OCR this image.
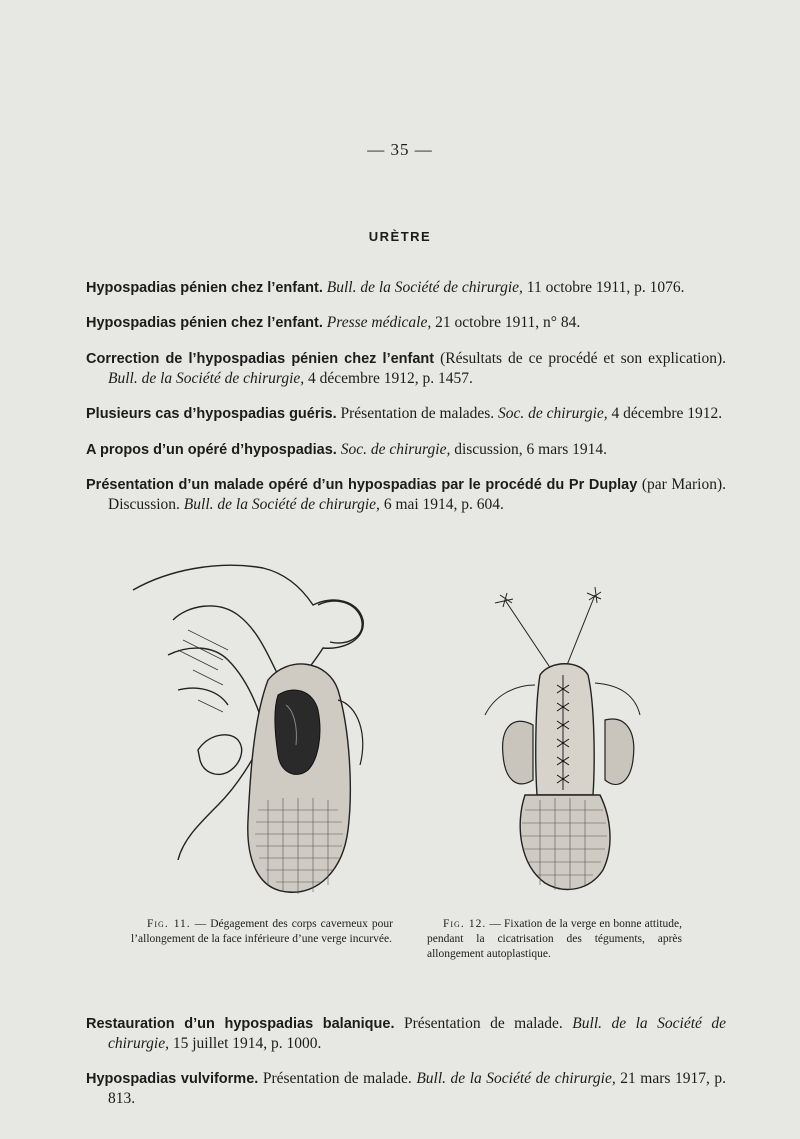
— 35 —
URÈTRE

Hypospadias pénien chez l’enfant. Bull. de la Société de chirurgie, 11 octobre 1911, p. 1076.

Hypospadias pénien chez l’enfant. Presse médicale, 21 octobre 1911, n° 84.

Correction de l’hypospadias pénien chez l’enfant (Résultats de ce procédé et son explication). Bull. de la Société de chirurgie, 4 décembre 1912, p. 1457.

Plusieurs cas d’hypospadias guéris. Présentation de malades. Soc. de chirurgie, 4 décembre 1912.

A propos d’un opéré d’hypospadias. Soc. de chirurgie, discussion, 6 mars 1914.

Présentation d’un malade opéré d’un hypospadias par le procédé du Pr Duplay (par Marion). Discussion. Bull. de la Société de chirurgie, 6 mai 1914, p. 604.

Fig. 11. — Dégagement des corps caverneux pour l’allongement de la face inférieure d’une verge incurvée.
Fig. 12. — Fixation de la verge en bonne attitude, pendant la cicatrisation des téguments, après allongement autoplastique.

Restauration d’un hypospadias balanique. Présentation de malade. Bull. de la Société de chirurgie, 15 juillet 1914, p. 1000.

Hypospadias vulviforme. Présentation de malade. Bull. de la Société de chirurgie, 21 mars 1917, p. 813.
